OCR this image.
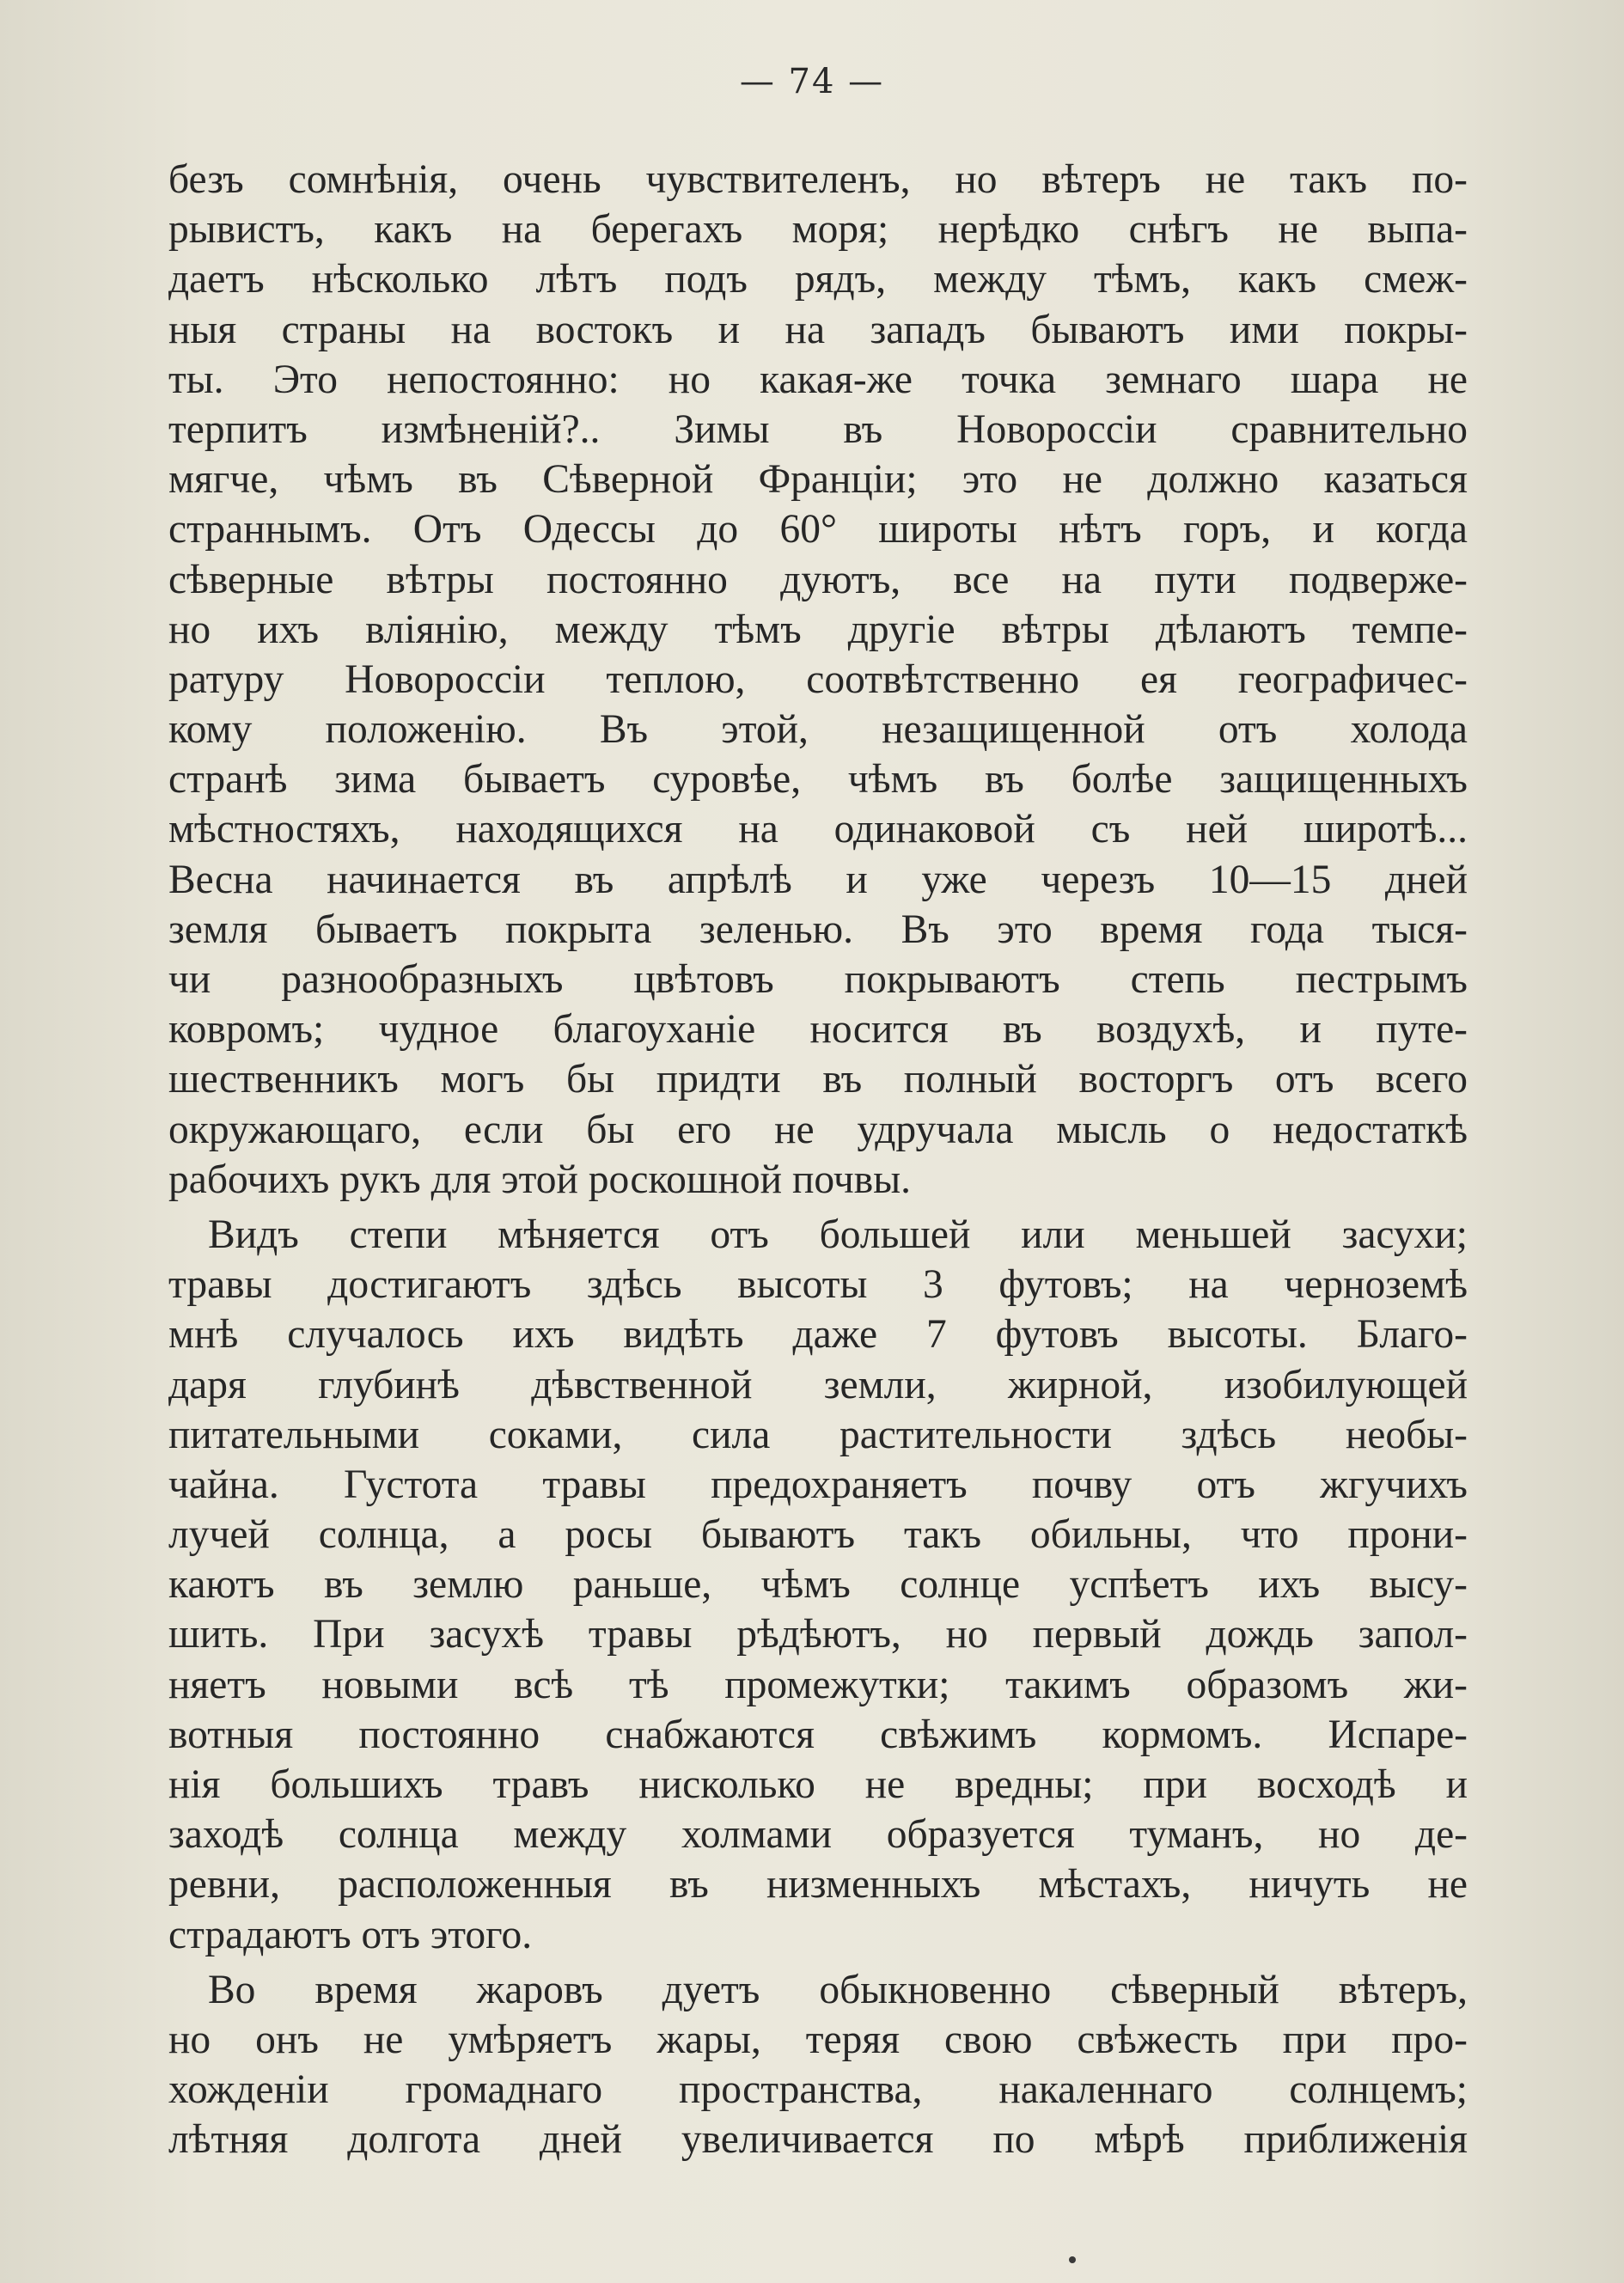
— 74 —
безъ сомнѣнія, очень чувствителенъ, но вѣтеръ не такъ по-
рывистъ, какъ на берегахъ моря; нерѣдко снѣгъ не выпа-
даетъ нѣсколько лѣтъ подъ рядъ, между тѣмъ, какъ смеж-
ныя страны на востокъ и на западъ бываютъ ими покры-
ты. Это непостоянно: но какая-же точка земнаго шара не
терпитъ измѣненій?.. Зимы въ Новороссіи сравнительно
мягче, чѣмъ въ Сѣверной Франціи; это не должно казаться
страннымъ. Отъ Одессы до 60° широты нѣтъ горъ, и когда
сѣверные вѣтры постоянно дуютъ, все на пути подверже-
но ихъ вліянію, между тѣмъ другіе вѣтры дѣлаютъ темпе-
ратуру Новороссіи теплою, соотвѣтственно ея географичес-
кому положенію. Въ этой, незащищенной отъ холода
странѣ зима бываетъ суровѣе, чѣмъ въ болѣе защищенныхъ
мѣстностяхъ, находящихся на одинаковой съ ней широтѣ...
Весна начинается въ апрѣлѣ и уже черезъ 10—15 дней
земля бываетъ покрыта зеленью. Въ это время года тыся-
чи разнообразныхъ цвѣтовъ покрываютъ степь пестрымъ
ковромъ; чудное благоуханіе носится въ воздухѣ, и путе-
шественникъ могъ бы придти въ полный восторгъ отъ всего
окружающаго, если бы его не удручала мысль о недостаткѣ
рабочихъ рукъ для этой роскошной почвы.
Видъ степи мѣняется отъ большей или меньшей засухи;
травы достигаютъ здѣсь высоты 3 футовъ; на черноземѣ
мнѣ случалось ихъ видѣть даже 7 футовъ высоты. Благо-
даря глубинѣ дѣвственной земли, жирной, изобилующей
питательными соками, сила растительности здѣсь необы-
чайна. Густота травы предохраняетъ почву отъ жгучихъ
лучей солнца, а росы бываютъ такъ обильны, что прони-
каютъ въ землю раньше, чѣмъ солнце успѣетъ ихъ высу-
шить. При засухѣ травы рѣдѣютъ, но первый дождь запол-
няетъ новыми всѣ тѣ промежутки; такимъ образомъ жи-
вотныя постоянно снабжаются свѣжимъ кормомъ. Испаре-
нія большихъ травъ нисколько не вредны; при восходѣ и
заходѣ солнца между холмами образуется туманъ, но де-
ревни, расположенныя въ низменныхъ мѣстахъ, ничуть не
страдаютъ отъ этого.
Во время жаровъ дуетъ обыкновенно сѣверный вѣтеръ,
но онъ не умѣряетъ жары, теряя свою свѣжесть при про-
хожденіи громаднаго пространства, накаленнаго солнцемъ;
лѣтняя долгота дней увеличивается по мѣрѣ приближенія
